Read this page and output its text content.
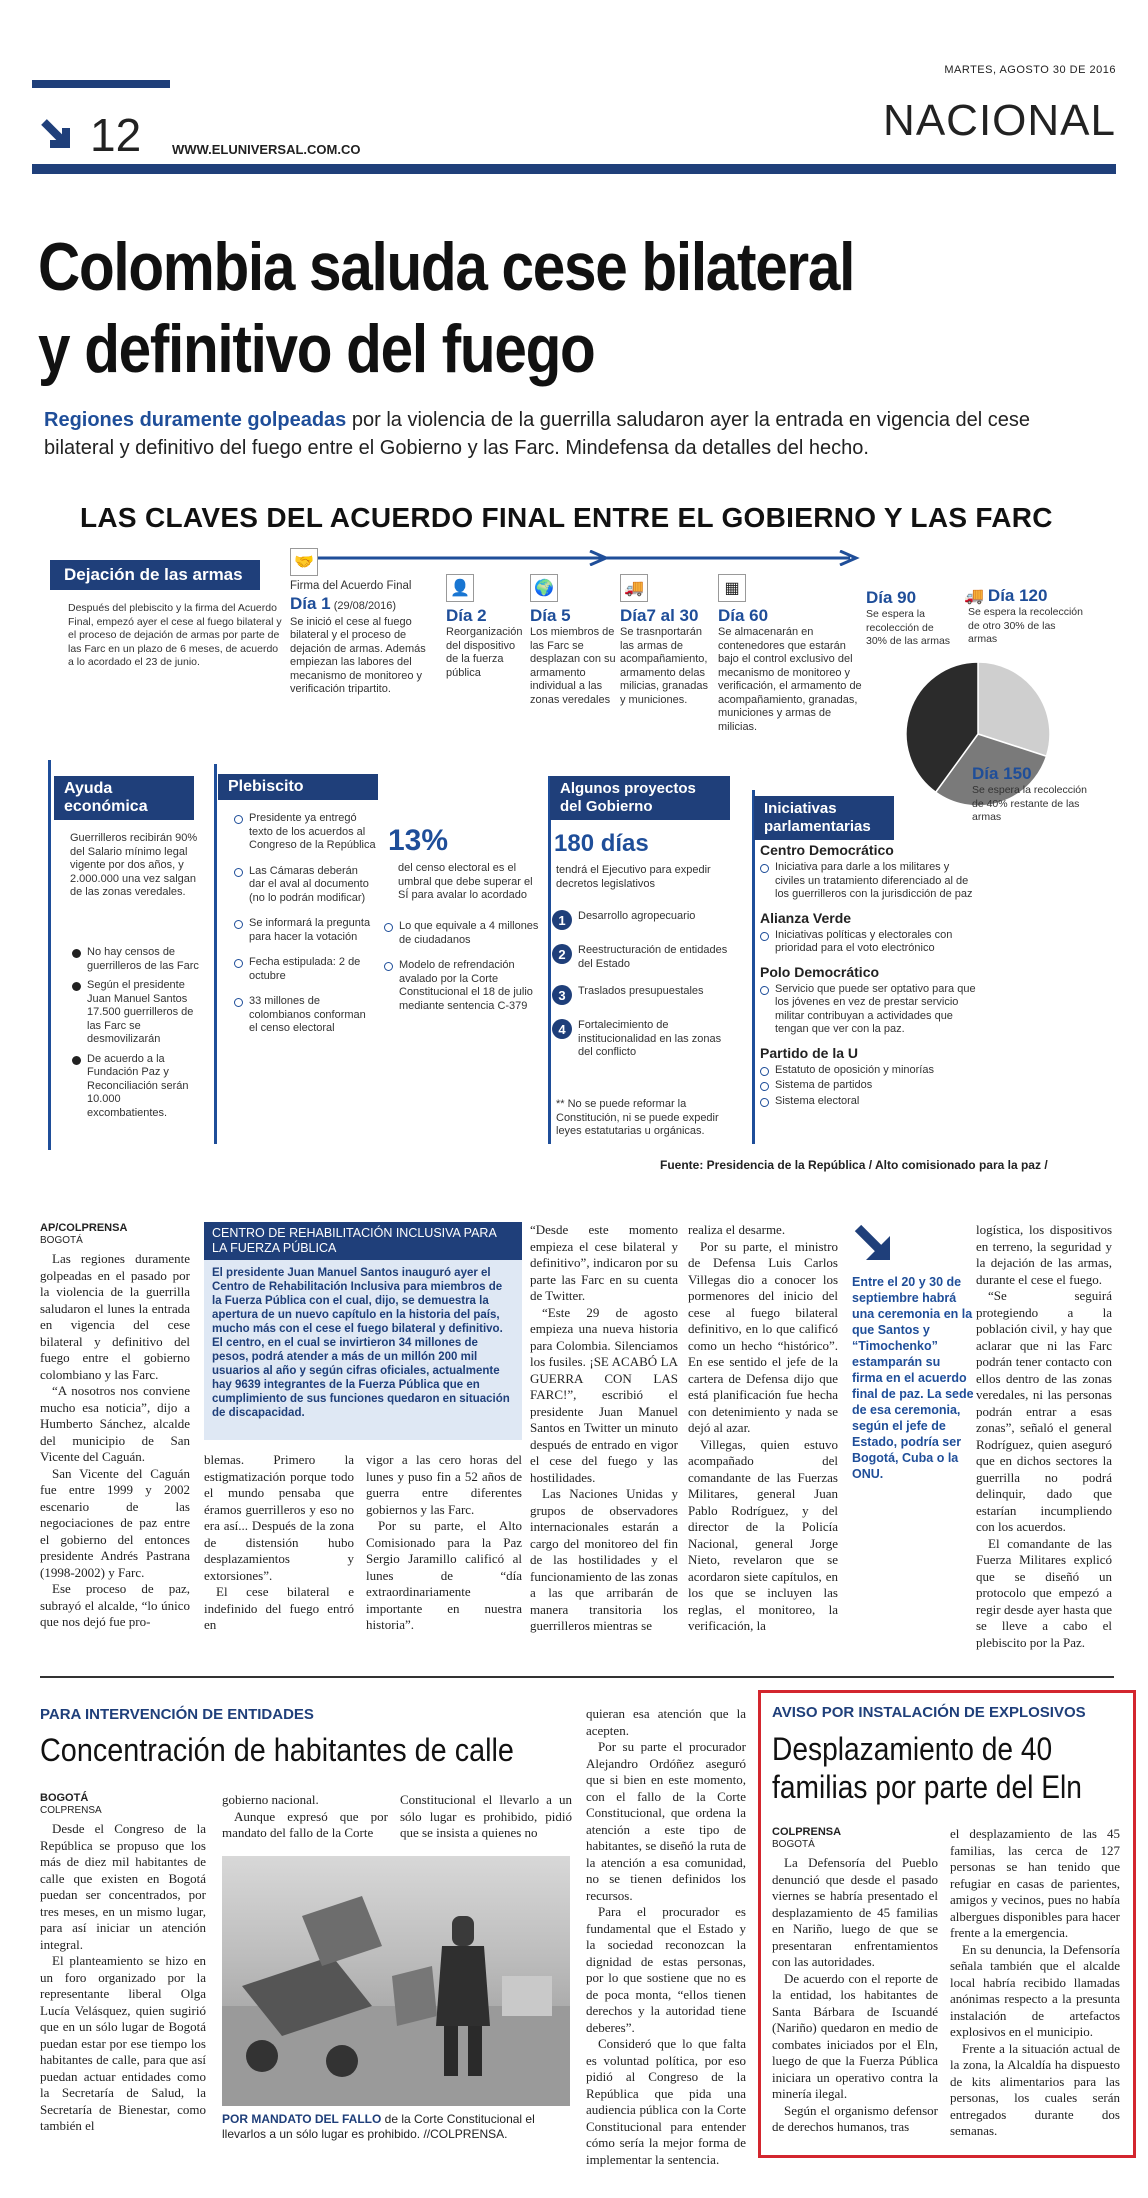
MARTES, AGOSTO 30 DE 2016
12 WWW.ELUNIVERSAL.COM.CO
NACIONAL
Colombia saluda cese bilateral y definitivo del fuego
Regiones duramente golpeadas por la violencia de la guerrilla saludaron ayer la entrada en vigencia del cese bilateral y definitivo del fuego entre el Gobierno y las Farc. Mindefensa da detalles del hecho.
LAS CLAVES DEL ACUERDO FINAL ENTRE EL GOBIERNO Y LAS FARC
Dejación de las armas
Después del plebiscito y la firma del Acuerdo Final, empezó ayer el cese al fuego bilateral y el proceso de dejación de armas por parte de las Farc en un plazo de 6 meses, de acuerdo a lo acordado el 23 de junio.
🤝
Firma del Acuerdo Final
Día 1 (29/08/2016)
Se inició el cese al fuego bilateral y el proceso de dejación de armas. Además empiezan las labores del mecanismo de monitoreo y verificación tripartito.
👤
Día 2
Reorganización del dispositivo de la fuerza pública
🌍
Día 5
Los miembros de las Farc se desplazan con su armamento individual a las zonas veredales
🚚
Día7 al 30
Se trasnportarán las armas de acompañamiento, armamento delas milicias, granadas y municiones.
▦
Día 60
Se almacenarán en contenedores que estarán bajo el control exclusivo del mecanismo de monitoreo y verificación, el armamento de acompañamiento, granadas, municiones y armas de milicias.
Día 90
Se espera la recolección de 30% de las armas
🚚 Día 120
Se espera la recolección de otro 30% de las armas
Día 150
Se espera la recolección de 40% restante de las armas
Ayuda económica
Guerrilleros recibirán 90% del Salario mínimo legal vigente por dos años, y 2.000.000 una vez salgan de las zonas veredales.
No hay censos de guerrilleros de las Farc
Según el presidente Juan Manuel Santos 17.500 guerrilleros de las Farc se desmovilizarán
De acuerdo a la Fundación Paz y Reconciliación serán 10.000 excombatientes.
Plebiscito
Presidente ya entregó texto de los acuerdos al Congreso de la República
Las Cámaras deberán dar el aval al documento (no lo podrán modificar)
Se informará la pregunta para hacer la votación
Fecha estipulada: 2 de octubre
33 millones de colombianos conforman el censo electoral
13%
del censo electoral es el umbral que debe superar el SÍ para avalar lo acordado
Lo que equivale a 4 millones de ciudadanos
Modelo de refrendación avalado por la Corte Constitucional el 18 de julio mediante sentencia C-379
Algunos proyectos del Gobierno
180 días
tendrá el Ejecutivo para expedir decretos legislativos
1	Desarrollo agropecuario
2	Reestructuración de entidades del Estado
3	Traslados presupuestales
4	Fortalecimiento de institucionalidad en las zonas del conflicto
** No se puede reformar la Constitución, ni se puede expedir leyes estatutarias u orgánicas.
Iniciativas parlamentarias
Centro Democrático
Iniciativa para darle a los militares y civiles un tratamiento diferenciado al de los guerrilleros con la jurisdicción de paz
Alianza Verde
Iniciativas políticas y electorales con prioridad para el voto electrónico
Polo Democrático
Servicio que puede ser optativo para que los jóvenes en vez de prestar servicio militar contribuyan a actividades que tengan que ver con la paz.
Partido de la U
Estatuto de oposición y minorías
Sistema de partidos
Sistema electoral
Fuente: Presidencia de la República / Alto comisionado para la paz /
AP/COLPRENSA
BOGOTÁ

Las regiones duramente golpeadas en el pasado por la violencia de la guerrilla saludaron el lunes la entrada en vigencia del cese bilateral y definitivo del fuego entre el gobierno colombiano y las Farc.

“A nosotros nos conviene mucho esa noticia”, dijo a Humberto Sánchez, alcalde del municipio de San Vicente del Caguán.

San Vicente del Caguán fue entre 1999 y 2002 escenario de las negociaciones de paz entre el gobierno del entonces presidente Andrés Pastrana (1998-2002) y Farc.

Ese proceso de paz, subrayó el alcalde, “lo único que nos dejó fue pro-

CENTRO DE REHABILITACIÓN INCLUSIVA PARA LA FUERZA PÚBLICA
El presidente Juan Manuel Santos inauguró ayer el Centro de Rehabilitación Inclusiva para miembros de la Fuerza Pública con el cual, dijo, se demuestra la apertura de un nuevo capítulo en la historia del país, mucho más con el cese el fuego bilateral y definitivo. El centro, en el cual se invirtieron 34 millones de pesos, podrá atender a más de un millón 200 mil usuarios al año y según cifras oficiales, actualmente hay 9639 integrantes de la Fuerza Pública que en cumplimiento de sus funciones quedaron en situación de discapacidad.

blemas. Primero la estigmatización porque todo el mundo pensaba que éramos guerrilleros y eso no era así... Después de la zona de distensión hubo desplazamientos y extorsiones”.

El cese bilateral e indefinido del fuego entró en

vigor a las cero horas del lunes y puso fin a 52 años de guerra entre diferentes gobiernos y las Farc.

Por su parte, el Alto Comisionado para la Paz Sergio Jaramillo calificó al lunes de “día extraordinariamente importante en nuestra historia”.

“Desde este momento empieza el cese bilateral y definitivo”, indicaron por su parte las Farc en su cuenta de Twitter.

“Este 29 de agosto empieza una nueva historia para Colombia. Silenciamos los fusiles. ¡SE ACABÓ LA GUERRA CON LAS FARC!”, escribió el presidente Juan Manuel Santos en Twitter un minuto después de entrado en vigor el cese del fuego y las hostilidades.

Las Naciones Unidas y grupos de observadores internacionales estarán a cargo del monitoreo del fin de las hostilidades y el funcionamiento de las zonas a las que arribarán de manera transitoria los guerrilleros mientras se

realiza el desarme.

Por su parte, el ministro de Defensa Luis Carlos Villegas dio a conocer los pormenores del inicio del cese al fuego bilateral definitivo, en lo que calificó como un hecho “histórico”. En ese sentido el jefe de la cartera de Defensa dijo que está planificación fue hecha con detenimiento y nada se dejó al azar.

Villegas, quien estuvo acompañado del comandante de las Fuerzas Militares, general Juan Pablo Rodríguez, y del director de la Policía Nacional, general Jorge Nieto, revelaron que se acordaron siete capítulos, en los que se incluyen las reglas, el monitoreo, la verificación, la

Entre el 20 y 30 de septiembre habrá una ceremonia en la que Santos y “Timochenko” estamparán su firma en el acuerdo final de paz. La sede de esa ceremonia, según el jefe de Estado, podría ser Bogotá, Cuba o la ONU.

logística, los dispositivos en terreno, la seguridad y la dejación de las armas, durante el cese el fuego.

“Se seguirá protegiendo a la población civil, y hay que aclarar que ni las Farc podrán tener contacto con ellos dentro de las zonas veredales, ni las personas podrán entrar a esas zonas”, señaló el general Rodríguez, quien aseguró que en dichos sectores la guerrilla no podrá delinquir, dado que estarían incumpliendo con los acuerdos.

El comandante de las Fuerza Militares explicó que se diseñó un protocolo que empezó a regir desde ayer hasta que se lleve a cabo el plebiscito por la Paz.

PARA INTERVENCIÓN DE ENTIDADES
Concentración de habitantes de calle
BOGOTÁ
COLPRENSA

Desde el Congreso de la República se propuso que los más de diez mil habitantes de calle que existen en Bogotá puedan ser concentrados, por tres meses, en un mismo lugar, para así iniciar un atención integral.

El planteamiento se hizo en un foro organizado por la representante liberal Olga Lucía Velásquez, quien sugirió que en un sólo lugar de Bogotá puedan estar por ese tiempo los habitantes de calle, para que así puedan actuar entidades como la Secretaría de Salud, la Secretaría de Bienestar, como también el

gobierno nacional.

Aunque expresó que por mandato del fallo de la Corte

Constitucional el llevarlo a un sólo lugar es prohibido, pidió que se insista a quienes no

POR MANDATO DEL FALLO de la Corte Constitucional el llevarlos a un sólo lugar es prohibido. //COLPRENSA.

quieran esa atención que la acepten.

Por su parte el procurador Alejandro Ordóñez aseguró que si bien en este momento, con el fallo de la Corte Constitucional, que ordena la atención a este tipo de habitantes, se diseñó la ruta de la atención a esa comunidad, no se tienen definidos los recursos.

Para el procurador es fundamental que el Estado y la sociedad reconozcan la dignidad de estas personas, por lo que sostiene que no es de poca monta, “ellos tienen derechos y la autoridad tiene deberes”.

Consideró que lo que falta es voluntad política, por eso pidió al Congreso de la República que pida una audiencia pública con la Corte Constitucional para entender cómo sería la mejor forma de implementar la sentencia.

AVISO POR INSTALACIÓN DE EXPLOSIVOS
Desplazamiento de 40 familias por parte del Eln
COLPRENSA
BOGOTÁ

La Defensoría del Pueblo denunció que desde el pasado viernes se habría presentado el desplazamiento de 45 familias en Nariño, luego de que se presentaran enfrentamientos con las autoridades.

De acuerdo con el reporte de la entidad, los habitantes de Santa Bárbara de Iscuandé (Nariño) quedaron en medio de combates iniciados por el Eln, luego de que la Fuerza Pública iniciara un operativo contra la minería ilegal.

Según el organismo defensor de derechos humanos, tras

el desplazamiento de las 45 familias, las cerca de 127 personas se han tenido que refugiar en casas de parientes, amigos y vecinos, pues no había albergues disponibles para hacer frente a la emergencia.

En su denuncia, la Defensoría señala también que el alcalde local habría recibido llamadas anónimas respecto a la presunta instalación de artefactos explosivos en el municipio.

Frente a la situación actual de la zona, la Alcaldía ha dispuesto de kits alimentarios para las personas, los cuales serán entregados durante dos semanas.
